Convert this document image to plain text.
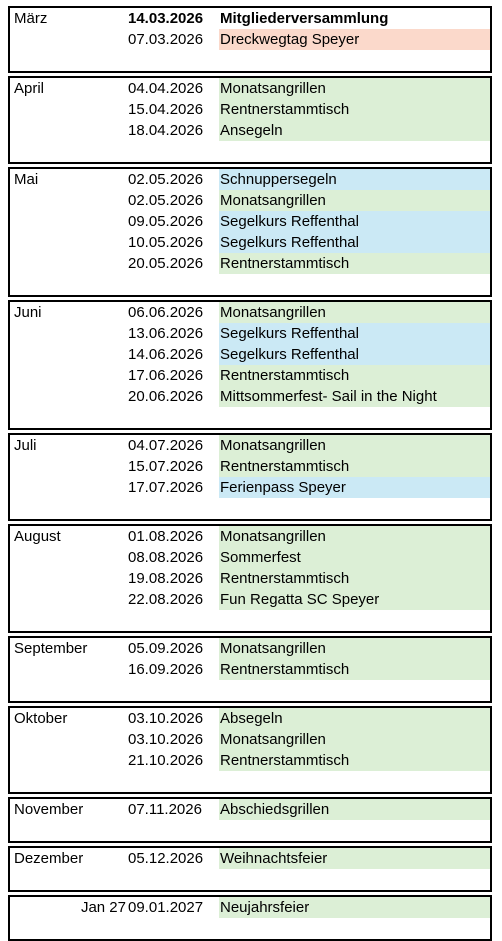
März	14.03.2026	Mitgliederversammlung
07.03.2026	Dreckwegtag Speyer
April	04.04.2026	Monatsangrillen
15.04.2026	Rentnerstammtisch
18.04.2026	Ansegeln
Mai	02.05.2026	Schnuppersegeln
02.05.2026	Monatsangrillen
09.05.2026	Segelkurs Reffenthal
10.05.2026	Segelkurs Reffenthal
20.05.2026	Rentnerstammtisch
Juni	06.06.2026	Monatsangrillen
13.06.2026	Segelkurs Reffenthal
14.06.2026	Segelkurs Reffenthal
17.06.2026	Rentnerstammtisch
20.06.2026	Mittsommerfest- Sail in the Night
Juli	04.07.2026	Monatsangrillen
15.07.2026	Rentnerstammtisch
17.07.2026	Ferienpass Speyer
August	01.08.2026	Monatsangrillen
08.08.2026	Sommerfest
19.08.2026	Rentnerstammtisch
22.08.2026	Fun Regatta SC Speyer
September	05.09.2026	Monatsangrillen
16.09.2026	Rentnerstammtisch
Oktober	03.10.2026	Absegeln
03.10.2026	Monatsangrillen
21.10.2026	Rentnerstammtisch
November	07.11.2026	Abschiedsgrillen
Dezember	05.12.2026	Weihnachtsfeier
Jan 27 09.01.2027	Neujahrsfeier
